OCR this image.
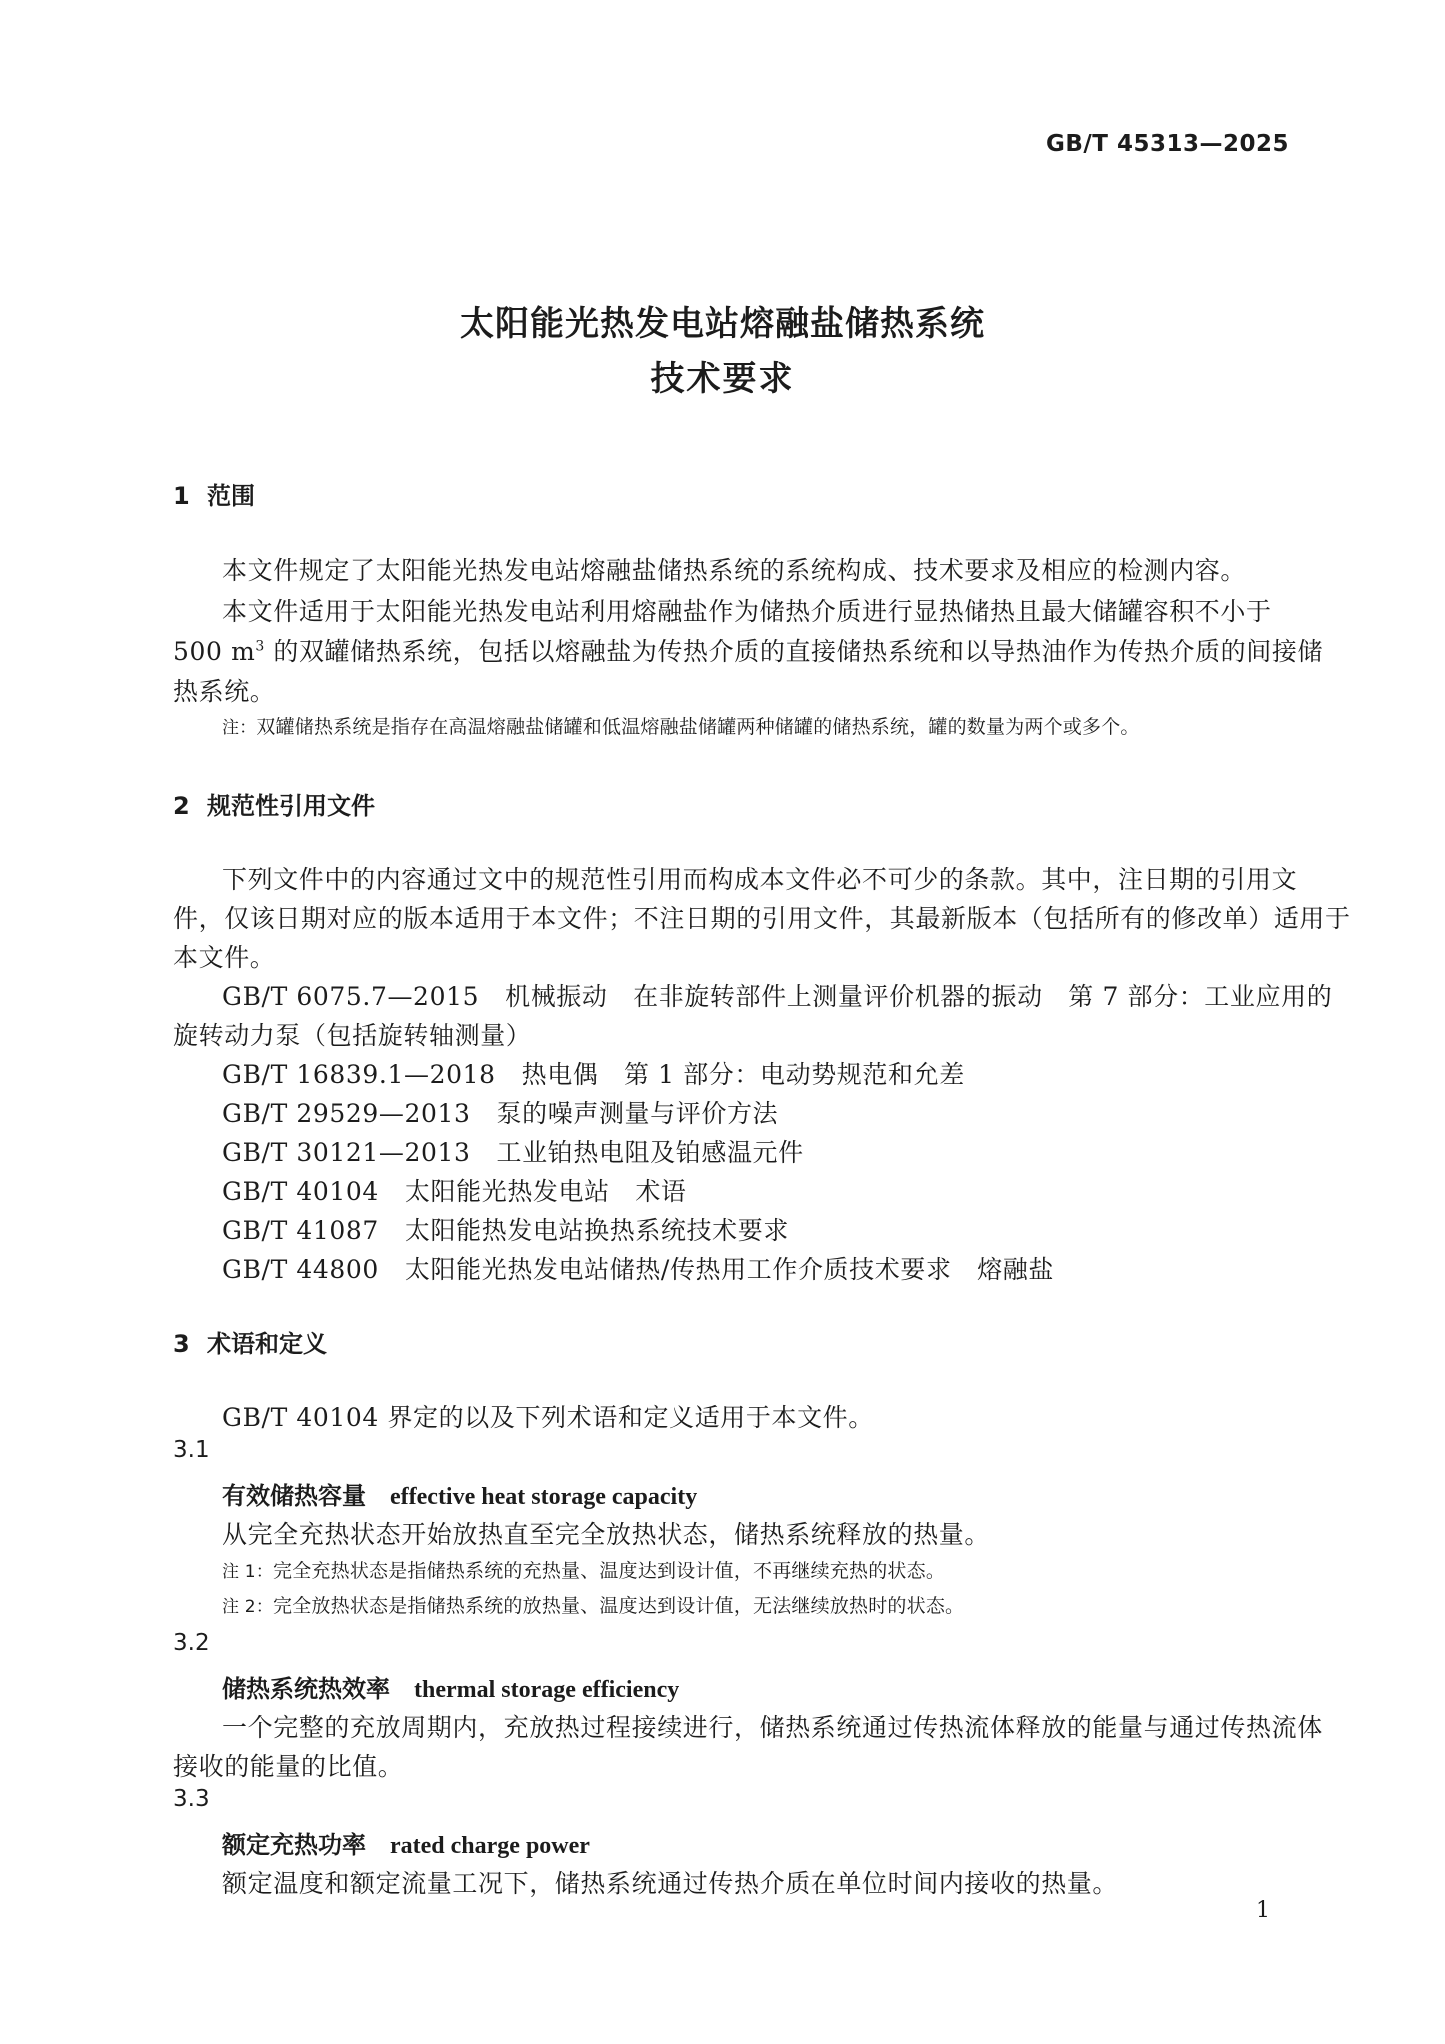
GB/T 45313—2025
太阳能光热发电站熔融盐储热系统
技术要求
1 范围
本文件规定了太阳能光热发电站熔融盐储热系统的系统构成、技术要求及相应的检测内容。
本文件适用于太阳能光热发电站利用熔融盐作为储热介质进行显热储热且最大储罐容积不小于
500 $m^3$ 的双罐储热系统，包括以熔融盐为传热介质的直接储热系统和以导热油作为传热介质的间接储
热系统。
注：双罐储热系统是指存在高温熔融盐储罐和低温熔融盐储罐两种储罐的储热系统，罐的数量为两个或多个。
2 规范性引用文件
下列文件中的内容通过文中的规范性引用而构成本文件必不可少的条款。其中，注日期的引用文
件，仅该日期对应的版本适用于本文件；不注日期的引用文件，其最新版本（包括所有的修改单）适用于
本文件。
GB/T 6075.7—2015 机械振动　在非旋转部件上测量评价机器的振动　第 7 部分：工业应用的
旋转动力泵（包括旋转轴测量）
GB/T 16839.1—2018 热电偶　第 1 部分：电动势规范和允差
GB/T 29529—2013 泵的噪声测量与评价方法
GB/T 30121—2013 工业铂热电阻及铂感温元件
GB/T 40104 太阳能光热发电站　术语
GB/T 41087 太阳能热发电站换热系统技术要求
GB/T 44800 太阳能光热发电站储热/传热用工作介质技术要求　熔融盐
3 术语和定义
GB/T 40104 界定的以及下列术语和定义适用于本文件。
3.1
有效储热容量 effective heat storage capacity
从完全充热状态开始放热直至完全放热状态，储热系统释放的热量。
注 1：完全充热状态是指储热系统的充热量、温度达到设计值，不再继续充热的状态。
注 2：完全放热状态是指储热系统的放热量、温度达到设计值，无法继续放热时的状态。
3.2
储热系统热效率 thermal storage efficiency
一个完整的充放周期内，充放热过程接续进行，储热系统通过传热流体释放的能量与通过传热流体
接收的能量的比值。
3.3
额定充热功率 rated charge power
额定温度和额定流量工况下，储热系统通过传热介质在单位时间内接收的热量。
1
